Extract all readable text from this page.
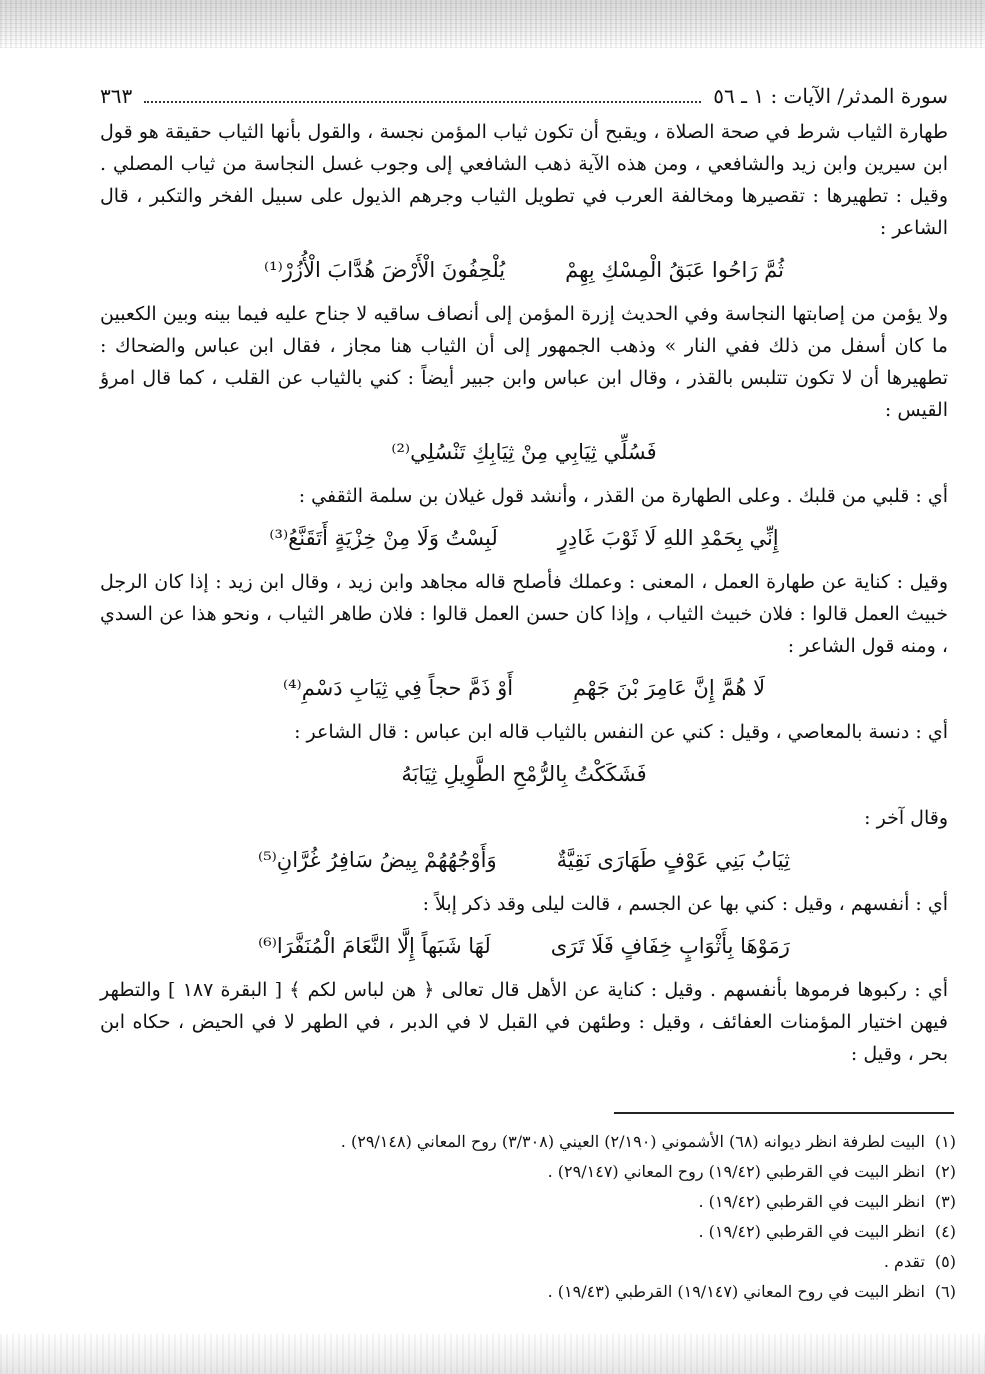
سورة المدثر/ الآيات : ١ ـ ٥٦
٣٦٣

طهارة الثياب شرط في صحة الصلاة ، ويقبح أن تكون ثياب المؤمن نجسة ، والقول بأنها الثياب حقيقة هو قول ابن سيرين وابن زيد والشافعي ، ومن هذه الآية ذهب الشافعي إلى وجوب غسل النجاسة من ثياب المصلي . وقيل : تطهيرها : تقصيرها ومخالفة العرب في تطويل الثياب وجرهم الذيول على سبيل الفخر والتكبر ، قال الشاعر :

ثُمَّ رَاحُوا عَبَقُ الْمِسْكِ بِهِمْ
يُلْحِفُونَ الْأَرْضَ هُدَّابَ الْأُزُرْ⁽¹⁾

ولا يؤمن من إصابتها النجاسة وفي الحديث إزرة المؤمن إلى أنصاف ساقيه لا جناح عليه فيما بينه وبين الكعبين ما كان أسفل من ذلك ففي النار » وذهب الجمهور إلى أن الثياب هنا مجاز ، فقال ابن عباس والضحاك : تطهيرها أن لا تكون تتلبس بالقذر ، وقال ابن عباس وابن جبير أيضاً : كني بالثياب عن القلب ، كما قال امرؤ القيس :

فَسُلِّي ثِيَابِي مِنْ ثِيَابِكِ تَنْسُلِي⁽²⁾

أي : قلبي من قلبك . وعلى الطهارة من القذر ، وأنشد قول غيلان بن سلمة الثقفي :

إِنِّي بِحَمْدِ اللهِ لَا ثَوْبَ غَادِرٍ
لَبِسْتُ وَلَا مِنْ خِزْيَةٍ أَتَقَنَّعُ⁽³⁾

وقيل : كناية عن طهارة العمل ، المعنى : وعملك فأصلح قاله مجاهد وابن زيد ، وقال ابن زيد : إذا كان الرجل خبيث العمل قالوا : فلان خبيث الثياب ، وإذا كان حسن العمل قالوا : فلان طاهر الثياب ، ونحو هذا عن السدي ، ومنه قول الشاعر :

لَا هُمَّ إِنَّ عَامِرَ بْنَ جَهْمِ
أَوْ ذَمَّ حجاً فِي ثِيَابِ دَسْمِ⁽⁴⁾

أي : دنسة بالمعاصي ، وقيل : كني عن النفس بالثياب قاله ابن عباس : قال الشاعر :

فَشَكَكْتُ بِالرُّمْحِ الطَّوِيلِ ثِيَابَهُ

وقال آخر :

ثِيَابُ بَنِي عَوْفٍ طَهَارَى نَقِيَّةٌ
وَأَوْجُهُهُمْ بِيضُ سَافِرُ غُرَّانِ⁽⁵⁾

أي : أنفسهم ، وقيل : كني بها عن الجسم ، قالت ليلى وقد ذكر إبلاً :

رَمَوْهَا بِأَثْوَابٍ خِفَافٍ فَلَا تَرَى
لَهَا شَبَهاً إِلَّا النَّعَامَ الْمُنَفَّرَا⁽⁶⁾

أي : ركبوها فرموها بأنفسهم . وقيل : كناية عن الأهل قال تعالى ﴿ هن لباس لكم ﴾ [ البقرة ١٨٧ ] والتطهر فيهن اختيار المؤمنات العفائف ، وقيل : وطئهن في القبل لا في الدبر ، في الطهر لا في الحيض ، حكاه ابن بحر ، وقيل :

(١)البيت لطرفة انظر ديوانه (٦٨) الأشموني (٢/١٩٠) العيني (٣/٣٠٨) روح المعاني (٢٩/١٤٨) .

(٢)انظر البيت في القرطبي (١٩/٤٢) روح المعاني (٢٩/١٤٧) .

(٣)انظر البيت في القرطبي (١٩/٤٢) .

(٤)انظر البيت في القرطبي (١٩/٤٢) .

(٥)تقدم .

(٦)انظر البيت في روح المعاني (١٩/١٤٧) القرطبي (١٩/٤٣) .
